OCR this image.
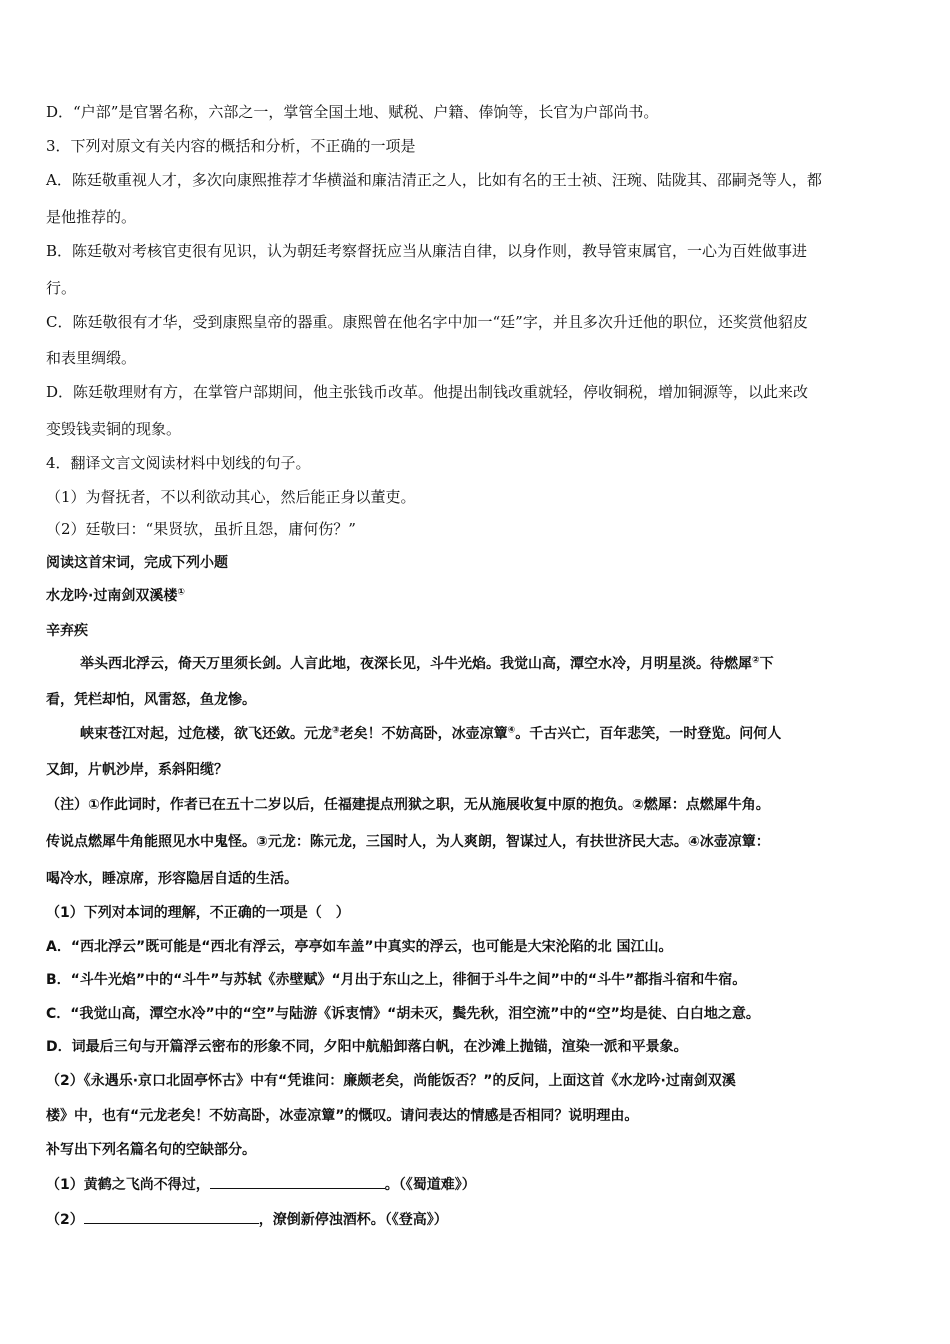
D．“户部”是官署名称，六部之一，掌管全国土地、赋税、户籍、俸饷等，长官为户部尚书。
3．下列对原文有关内容的概括和分析，不正确的一项是
A．陈廷敬重视人才，多次向康熙推荐才华横溢和廉洁清正之人，比如有名的王士祯、汪琬、陆陇其、邵嗣尧等人，都
是他推荐的。
B．陈廷敬对考核官吏很有见识，认为朝廷考察督抚应当从廉洁自律，以身作则，教导管束属官，一心为百姓做事进
行。
C．陈廷敬很有才华，受到康熙皇帝的器重。康熙曾在他名字中加一“廷”字，并且多次升迁他的职位，还奖赏他貂皮
和表里绸缎。
D．陈廷敬理财有方，在掌管户部期间，他主张钱币改革。他提出制钱改重就轻，停收铜税，增加铜源等，以此来改
变毁钱卖铜的现象。
4．翻译文言文阅读材料中划线的句子。
（1）为督抚者，不以利欲动其心，然后能正身以董吏。
（2）廷敬曰：“果贤欤，虽折且怨，庸何伤？”
阅读这首宋词，完成下列小题
水龙吟·过南剑双溪楼①
辛弃疾
举头西北浮云，倚天万里须长剑。人言此地，夜深长见，斗牛光焰。我觉山高，潭空水冷，月明星淡。待燃犀②下
看，凭栏却怕，风雷怒，鱼龙惨。
峡束苍江对起，过危楼，欲飞还敛。元龙③老矣！不妨高卧，冰壶凉簟④。千古兴亡，百年悲笑，一时登览。问何人
又卸，片帆沙岸，系斜阳缆？
（注）①作此词时，作者已在五十二岁以后，任福建提点刑狱之职，无从施展收复中原的抱负。②燃犀：点燃犀牛角。
传说点燃犀牛角能照见水中鬼怪。③元龙：陈元龙，三国时人，为人爽朗，智谋过人，有扶世济民大志。④冰壶凉簟：
喝冷水，睡凉席，形容隐居自适的生活。
（1）下列对本词的理解，不正确的一项是（　）
A．“西北浮云”既可能是“西北有浮云，亭亭如车盖”中真实的浮云，也可能是大宋沦陷的北 国江山。
B．“斗牛光焰”中的“斗牛”与苏轼《赤壁赋》“月出于东山之上，徘徊于斗牛之间”中的“斗牛”都指斗宿和牛宿。
C．“我觉山高，潭空水冷”中的“空”与陆游《诉衷情》“胡未灭，鬓先秋，泪空流”中的“空”均是徒、白白地之意。
D．词最后三句与开篇浮云密布的形象不同，夕阳中航船卸落白帆，在沙滩上抛锚，渲染一派和平景象。
（2）《永遇乐·京口北固亭怀古》中有“凭谁问：廉颇老矣，尚能饭否？”的反问，上面这首《水龙吟·过南剑双溪
楼》中，也有“元龙老矣！不妨高卧，冰壶凉簟”的慨叹。请问表达的情感是否相同？说明理由。
补写出下列名篇名句的空缺部分。
（1）黄鹤之飞尚不得过，	。（《蜀道难》）
（2）	，潦倒新停浊酒杯。（《登高》）
